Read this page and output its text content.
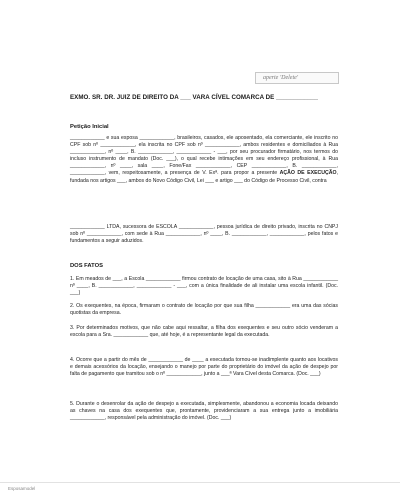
aperte 'Delete'
EXMO. SR. DR. JUIZ DE DIREITO DA ___ VARA CÍVEL COMARCA DE ____________
Petição Inicial
____________ e sua esposa ____________, brasileiros, casados, ele aposentado, ela comerciante, ele inscrito no CPF sob nº ____________, ela inscrita no CPF sob nº ____________, ambos residentes e domiciliados à Rua ____________, nº ____, B. ____________, ____________ - ___, por seu procurador firmatário, nos termos do incluso instrumento de mandato (Doc. ___), o qual recebe intimações em seu endereço profissional, à Rua ____________, nº ____, sala ____, Fone/Fax ____________, CEP ____________, B. ____________, ____________, vem, respeitosamente, a presença de V. Exª. para propor a presente AÇÃO DE EXECUÇÃO, fundada nos artigos ___, ambos do Novo Código Civil, Lei ___ e artigo ___ do Código de Processo Civil, contra
____________ LTDA, sucessora de ESCOLA ____________, pessoa jurídica de direito privado, inscrita no CNPJ sob nº ____________, com sede à Rua ____________, nº ____, B. ____________, ____________, pelos fatos e fundamentos a seguir aduzidos.
DOS FATOS
1. Em meados de ___, a Escola ____________ firmou contrato de locação de uma casa, sito à Rua ____________ nº ____, B. ____________, ____________ - ___, com a única finalidade de ali instalar uma escola infantil. (Doc. ___)
2. Os exequentes, na época, firmaram o contrato de locação por que sua filha ____________ era uma das sócias quotistas da empresa.
3. Por determinados motivos, que não cabe aqui ressaltar, a filha dos exequentes e seu outro sócio venderam a escola para a Sra. ____________ que, até hoje, é a representante legal da executada.
4. Ocorre que a partir do mês de ____________ de ____ a executada tornou-se inadimplente quanto aos locativos e demais acessórios da locação, ensejando o manejo por parte do proprietário do imóvel da ação de despejo por falta de pagamento que tramitou sob o nº ____________, junto a ___ª Vara Cível desta Comarca. (Doc. ___)
5. Durante o desenrolar da ação de despejo a executada, simplesmente, abandonou a economia locada deixando as chaves na casa dos exequentes que, prontamente, providenciaram a sua entrega junto a imobiliária ____________, responsável pela administração do imóvel. (Doc. ___)
Esposamodel
